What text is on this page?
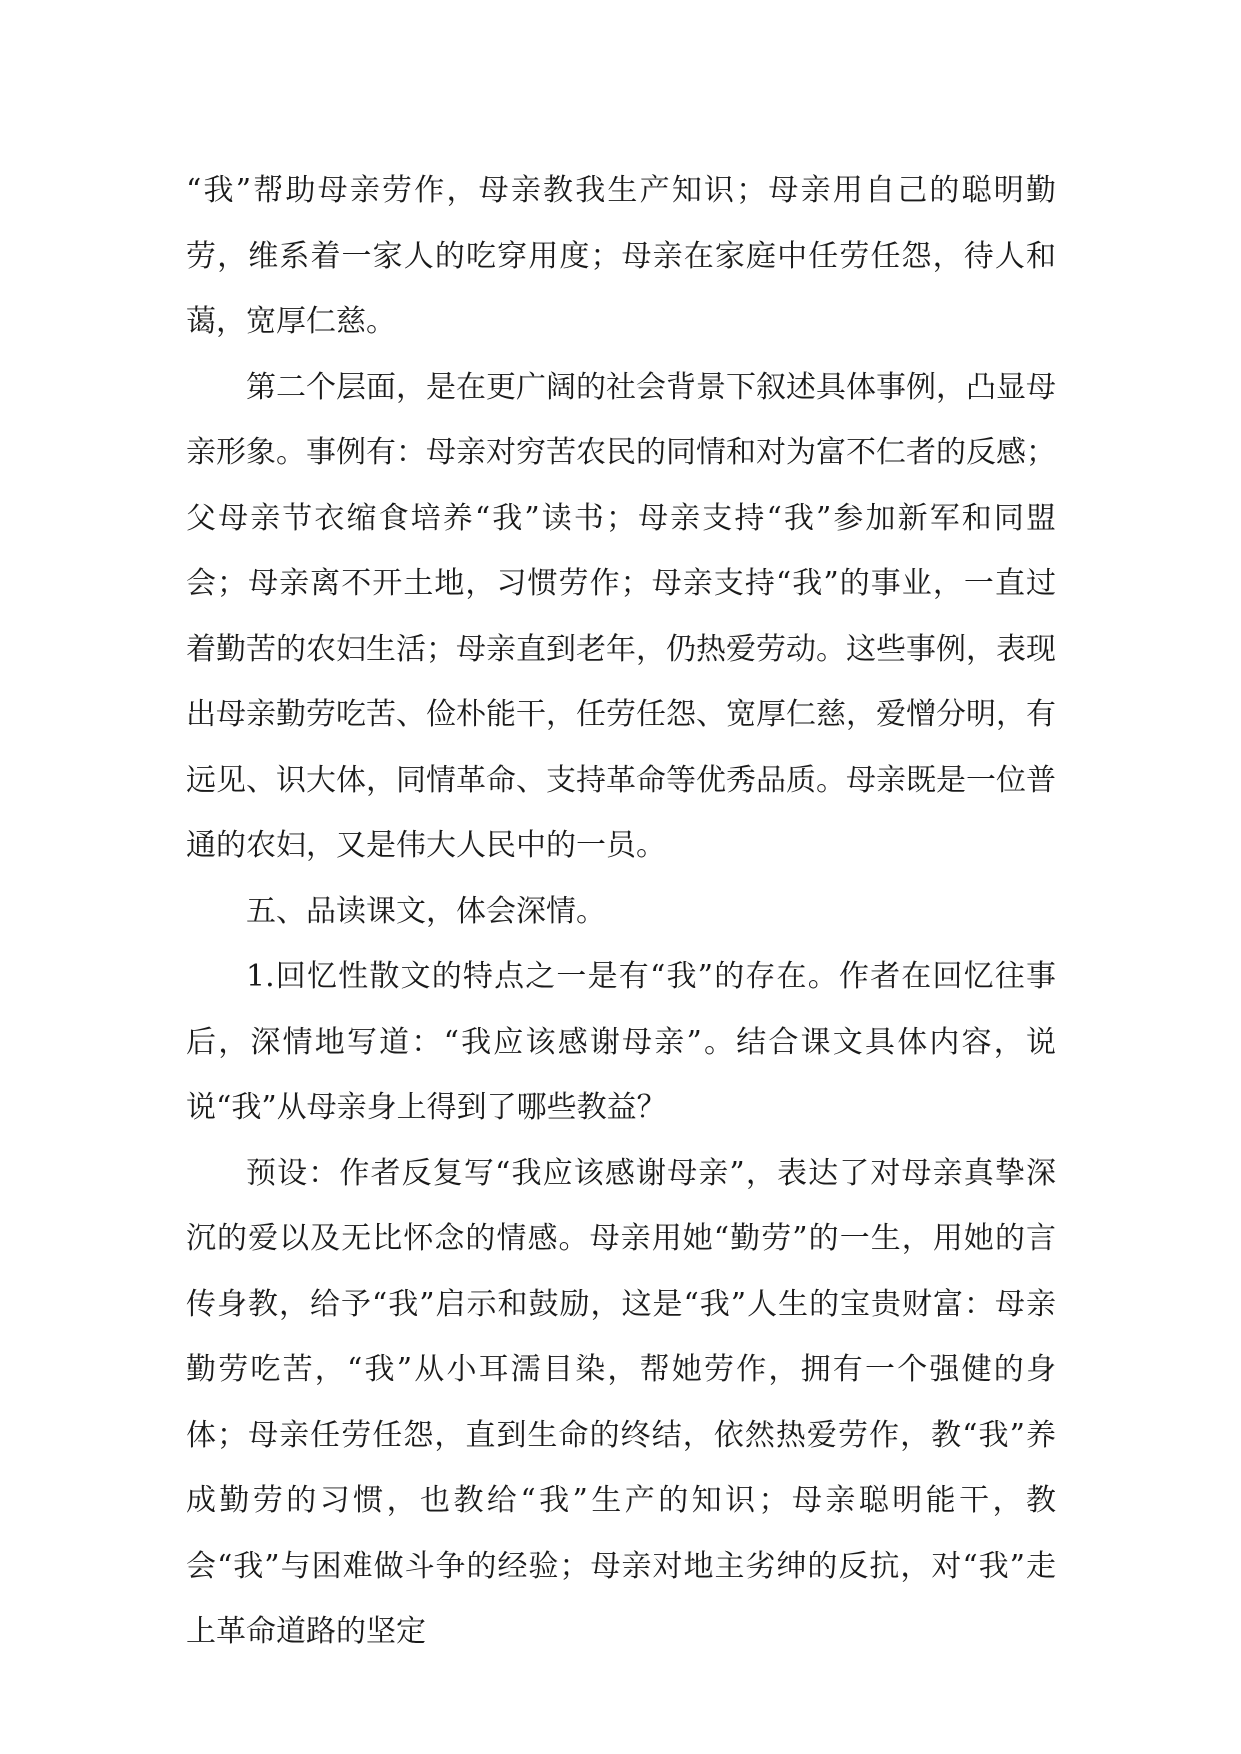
“我”帮助母亲劳作，母亲教我生产知识；母亲用自己的聪明勤劳，维系着一家人的吃穿用度；母亲在家庭中任劳任怨，待人和蔼，宽厚仁慈。

第二个层面，是在更广阔的社会背景下叙述具体事例，凸显母亲形象。事例有：母亲对穷苦农民的同情和对为富不仁者的反感；父母亲节衣缩食培养“我”读书；母亲支持“我”参加新军和同盟会；母亲离不开土地，习惯劳作；母亲支持“我”的事业，一直过着勤苦的农妇生活；母亲直到老年，仍热爱劳动。这些事例，表现出母亲勤劳吃苦、俭朴能干，任劳任怨、宽厚仁慈，爱憎分明，有远见、识大体，同情革命、支持革命等优秀品质。母亲既是一位普通的农妇，又是伟大人民中的一员。

五、品读课文，体会深情。

1.回忆性散文的特点之一是有“我”的存在。作者在回忆往事后，深情地写道：“我应该感谢母亲”。结合课文具体内容，说说“我”从母亲身上得到了哪些教益？

预设：作者反复写“我应该感谢母亲”，表达了对母亲真挚深沉的爱以及无比怀念的情感。母亲用她“勤劳”的一生，用她的言传身教，给予“我”启示和鼓励，这是“我”人生的宝贵财富：母亲勤劳吃苦，“我”从小耳濡目染，帮她劳作，拥有一个强健的身体；母亲任劳任怨，直到生命的终结，依然热爱劳作，教“我”养成勤劳的习惯，也教给“我”生产的知识；母亲聪明能干，教会“我”与困难做斗争的经验；母亲对地主劣绅的反抗，对“我”走上革命道路的坚定
